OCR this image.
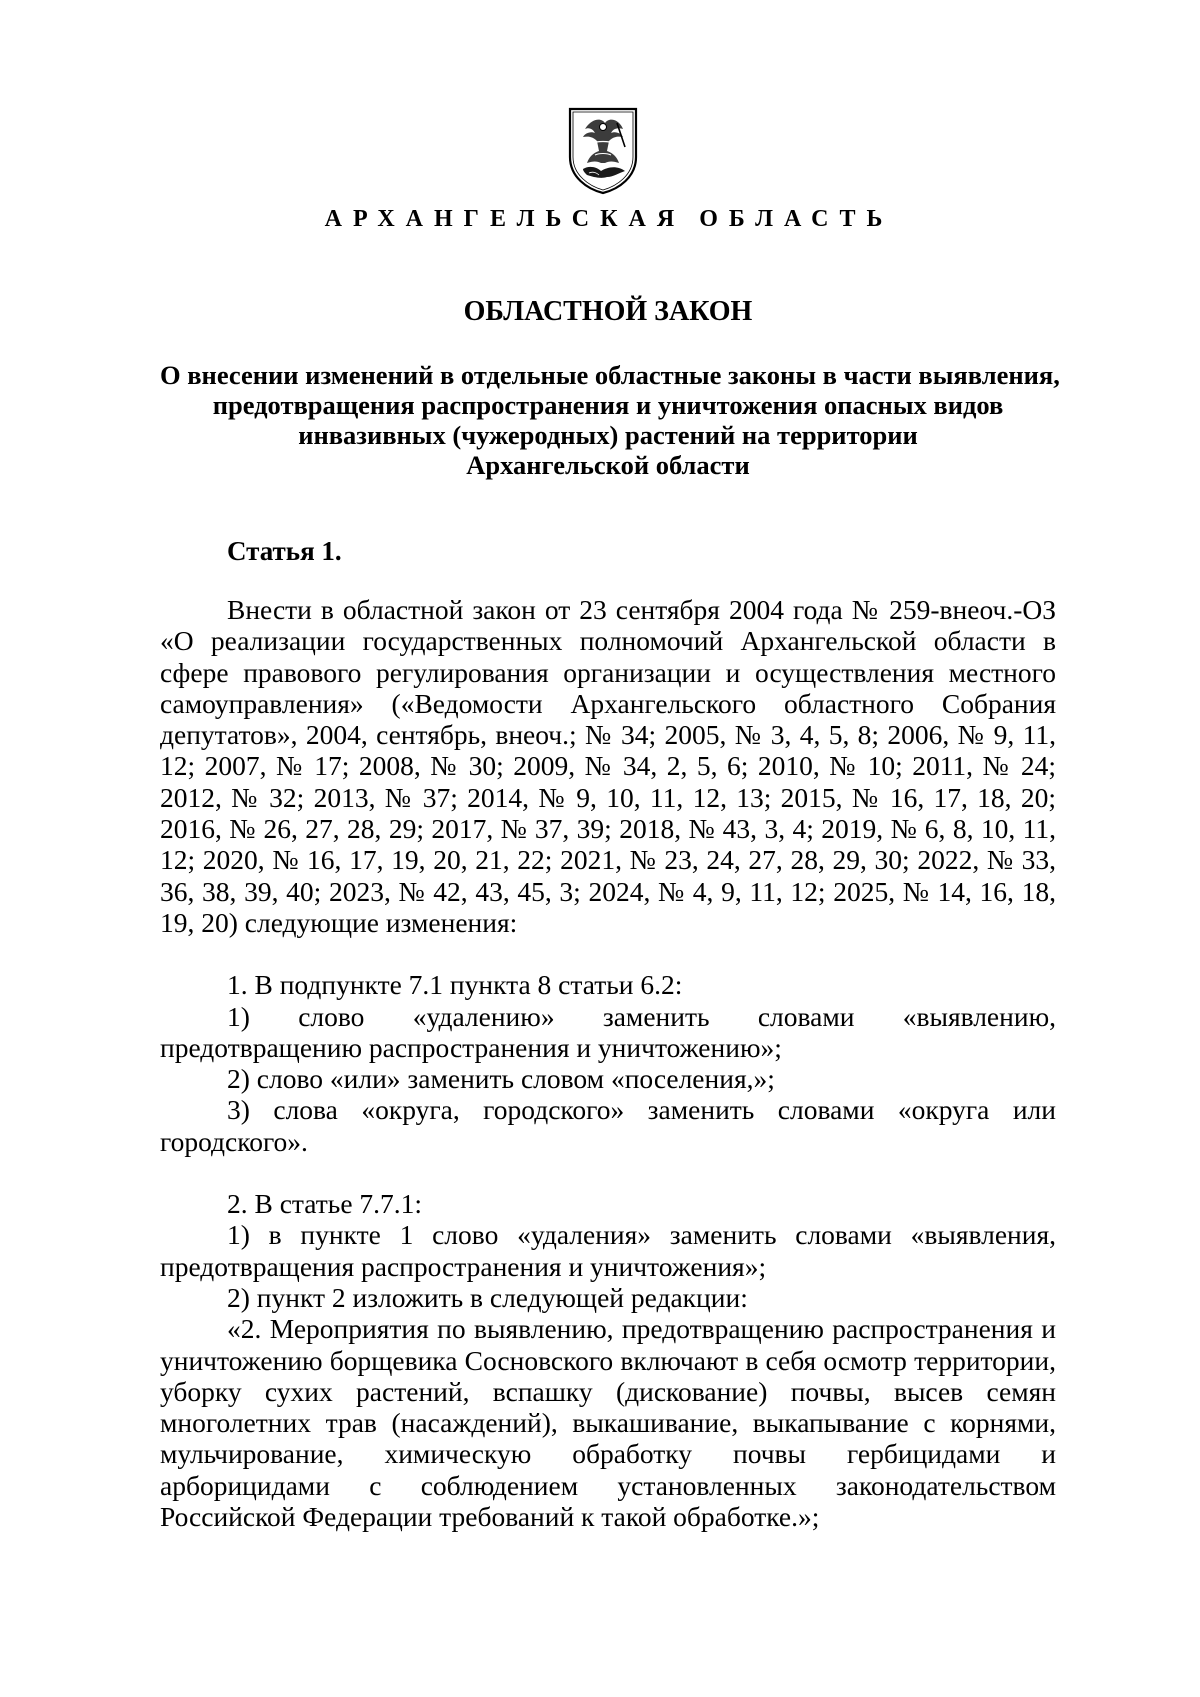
АРХАНГЕЛЬСКАЯ ОБЛАСТЬ
ОБЛАСТНОЙ ЗАКОН
О внесении изменений в отдельные областные законы в части выявления,
предотвращения распространения и уничтожения опасных видов
инвазивных (чужеродных) растений на территории
Архангельской области
Статья 1.

Внести в областной закон от 23 сентября 2004 года № 259-внеоч.-ОЗ «О реализации государственных полномочий Архангельской области в сфере правового регулирования организации и осуществления местного самоуправления» («Ведомости Архангельского областного Собрания депутатов», 2004, сентябрь, внеоч.; № 34; 2005, № 3, 4, 5, 8; 2006, № 9, 11, 12; 2007, № 17; 2008, № 30; 2009, № 34, 2, 5, 6; 2010, № 10; 2011, № 24; 2012, № 32; 2013, № 37; 2014, № 9, 10, 11, 12, 13; 2015, № 16, 17, 18, 20; 2016, № 26, 27, 28, 29; 2017, № 37, 39; 2018, № 43, 3, 4; 2019, № 6, 8, 10, 11, 12; 2020, № 16, 17, 19, 20, 21, 22; 2021, № 23, 24, 27, 28, 29, 30; 2022, № 33, 36, 38, 39, 40; 2023, № 42, 43, 45, 3; 2024, № 4, 9, 11, 12; 2025, № 14, 16, 18, 19, 20) следующие изменения:

1. В подпункте 7.1 пункта 8 статьи 6.2:

1) слово «удалению» заменить словами «выявлению, предотвращению распространения и уничтожению»;

2) слово «или» заменить словом «поселения,»;

3) слова «округа, городского» заменить словами «округа или городского».

2. В статье 7.7.1:

1) в пункте 1 слово «удаления» заменить словами «выявления, предотвращения распространения и уничтожения»;

2) пункт 2 изложить в следующей редакции:

«2. Мероприятия по выявлению, предотвращению распространения и уничтожению борщевика Сосновского включают в себя осмотр территории, уборку сухих растений, вспашку (дискование) почвы, высев семян многолетних трав (насаждений), выкашивание, выкапывание с корнями, мульчирование, химическую обработку почвы гербицидами и арборицидами с соблюдением установленных законодательством Российской Федерации требований к такой обработке.»;
